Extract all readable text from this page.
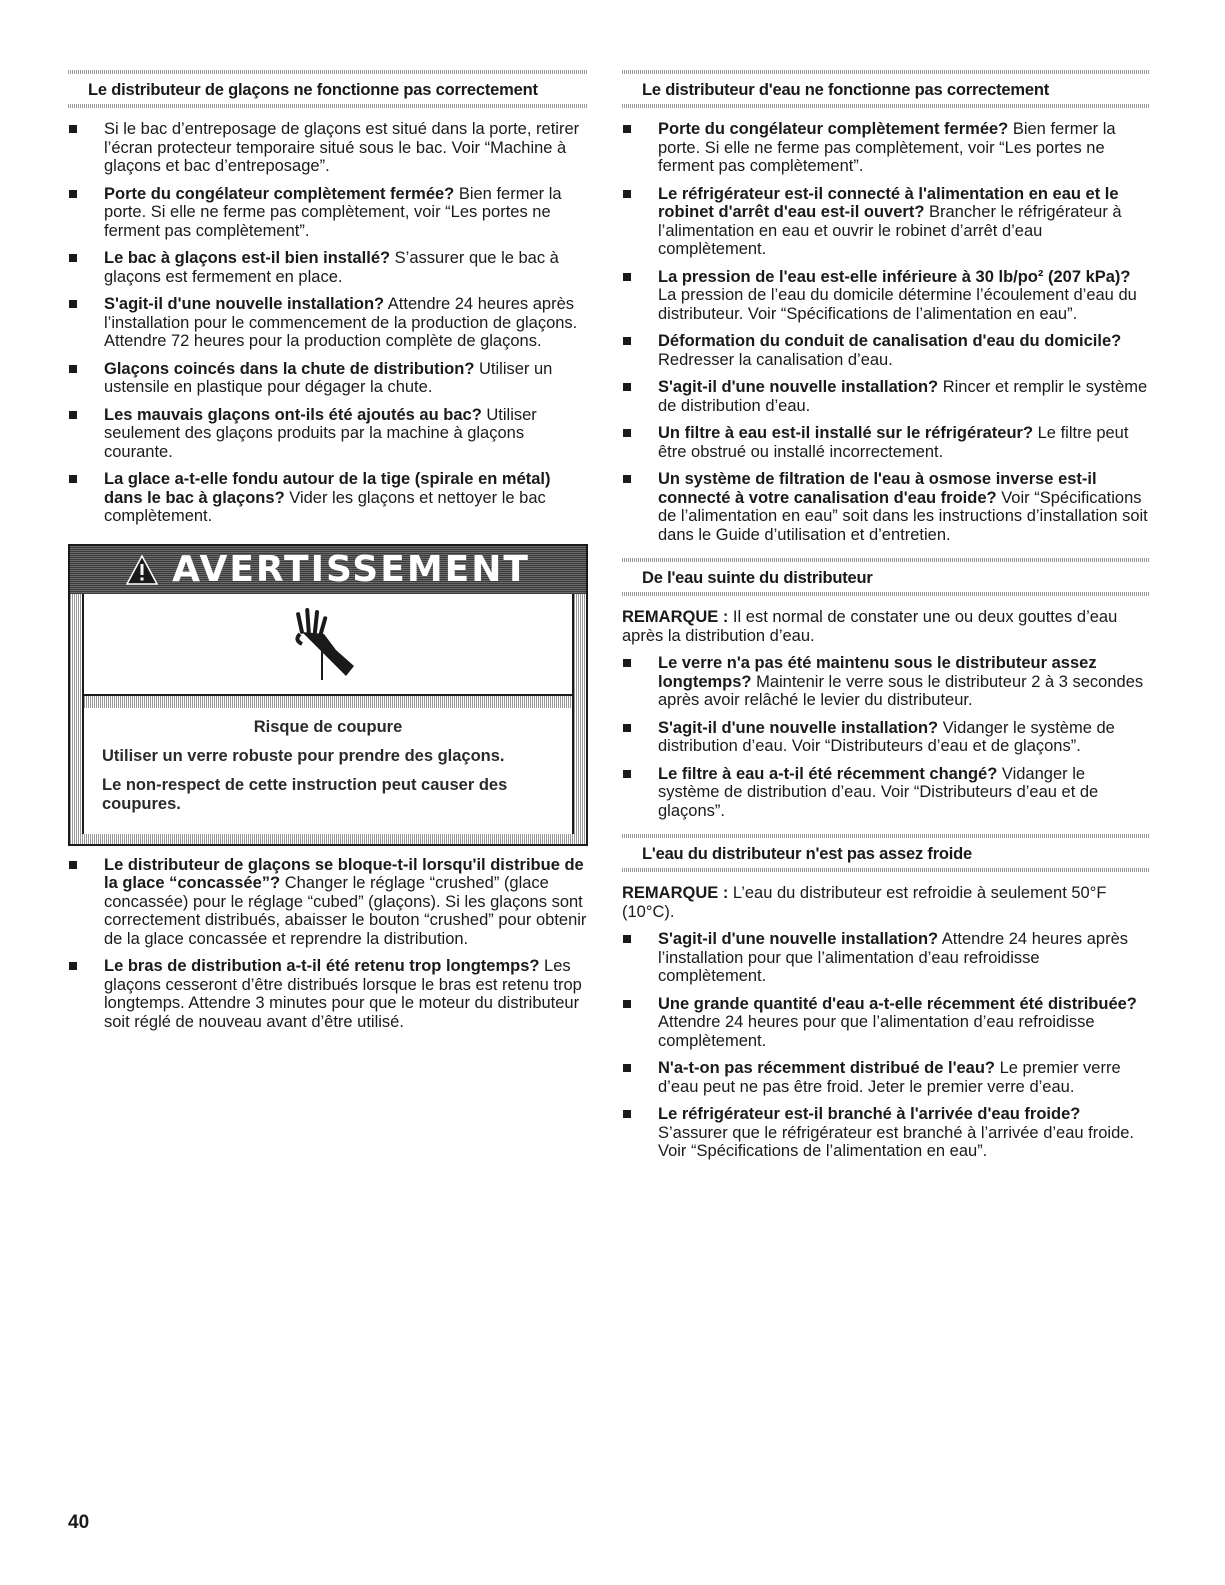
Le distributeur de glaçons ne fonctionne pas correctement
Si le bac d’entreposage de glaçons est situé dans la porte, retirer l’écran protecteur temporaire situé sous le bac. Voir “Machine à glaçons et bac d’entreposage”.
Porte du congélateur complètement fermée? Bien fermer la porte. Si elle ne ferme pas complètement, voir “Les portes ne ferment pas complètement”.
Le bac à glaçons est-il bien installé? S’assurer que le bac à glaçons est fermement en place.
S'agit-il d'une nouvelle installation? Attendre 24 heures après l’installation pour le commencement de la production de glaçons. Attendre 72 heures pour la production complète de glaçons.
Glaçons coincés dans la chute de distribution? Utiliser un ustensile en plastique pour dégager la chute.
Les mauvais glaçons ont-ils été ajoutés au bac? Utiliser seulement des glaçons produits par la machine à glaçons courante.
La glace a-t-elle fondu autour de la tige (spirale en métal) dans le bac à glaçons? Vider les glaçons et nettoyer le bac complètement.
AVERTISSEMENT

Risque de coupure

Utiliser un verre robuste pour prendre des glaçons.

Le non-respect de cette instruction peut causer des coupures.

Le distributeur de glaçons se bloque-t-il lorsqu'il distribue de la glace “concassée”? Changer le réglage “crushed” (glace concassée) pour le réglage “cubed” (glaçons). Si les glaçons sont correctement distribués, abaisser le bouton “crushed” pour obtenir de la glace concassée et reprendre la distribution.
Le bras de distribution a-t-il été retenu trop longtemps? Les glaçons cesseront d’être distribués lorsque le bras est retenu trop longtemps. Attendre 3 minutes pour que le moteur du distributeur soit réglé de nouveau avant d’être utilisé.
Le distributeur d'eau ne fonctionne pas correctement
Porte du congélateur complètement fermée? Bien fermer la porte. Si elle ne ferme pas complètement, voir “Les portes ne ferment pas complètement”.
Le réfrigérateur est-il connecté à l'alimentation en eau et le robinet d'arrêt d'eau est-il ouvert? Brancher le réfrigérateur à l’alimentation en eau et ouvrir le robinet d’arrêt d’eau complètement.
La pression de l'eau est-elle inférieure à 30 lb/po² (207 kPa)? La pression de l’eau du domicile détermine l’écoulement d’eau du distributeur. Voir “Spécifications de l’alimentation en eau”.
Déformation du conduit de canalisation d'eau du domicile? Redresser la canalisation d’eau.
S'agit-il d'une nouvelle installation? Rincer et remplir le système de distribution d’eau.
Un filtre à eau est-il installé sur le réfrigérateur? Le filtre peut être obstrué ou installé incorrectement.
Un système de filtration de l'eau à osmose inverse est-il connecté à votre canalisation d'eau froide? Voir “Spécifications de l’alimentation en eau” soit dans les instructions d’installation soit dans le Guide d’utilisation et d’entretien.
De l'eau suinte du distributeur

REMARQUE : Il est normal de constater une ou deux gouttes d’eau après la distribution d’eau.

Le verre n'a pas été maintenu sous le distributeur assez longtemps? Maintenir le verre sous le distributeur 2 à 3 secondes après avoir relâché le levier du distributeur.
S'agit-il d'une nouvelle installation? Vidanger le système de distribution d’eau. Voir “Distributeurs d’eau et de glaçons”.
Le filtre à eau a-t-il été récemment changé? Vidanger le système de distribution d’eau. Voir “Distributeurs d’eau et de glaçons”.
L'eau du distributeur n'est pas assez froide

REMARQUE : L’eau du distributeur est refroidie à seulement 50°F (10°C).

S'agit-il d'une nouvelle installation? Attendre 24 heures après l’installation pour que l’alimentation d’eau refroidisse complètement.
Une grande quantité d'eau a-t-elle récemment été distribuée? Attendre 24 heures pour que l’alimentation d’eau refroidisse complètement.
N'a-t-on pas récemment distribué de l'eau? Le premier verre d’eau peut ne pas être froid. Jeter le premier verre d’eau.
Le réfrigérateur est-il branché à l'arrivée d'eau froide? S’assurer que le réfrigérateur est branché à l’arrivée d’eau froide. Voir “Spécifications de l’alimentation en eau”.
40
